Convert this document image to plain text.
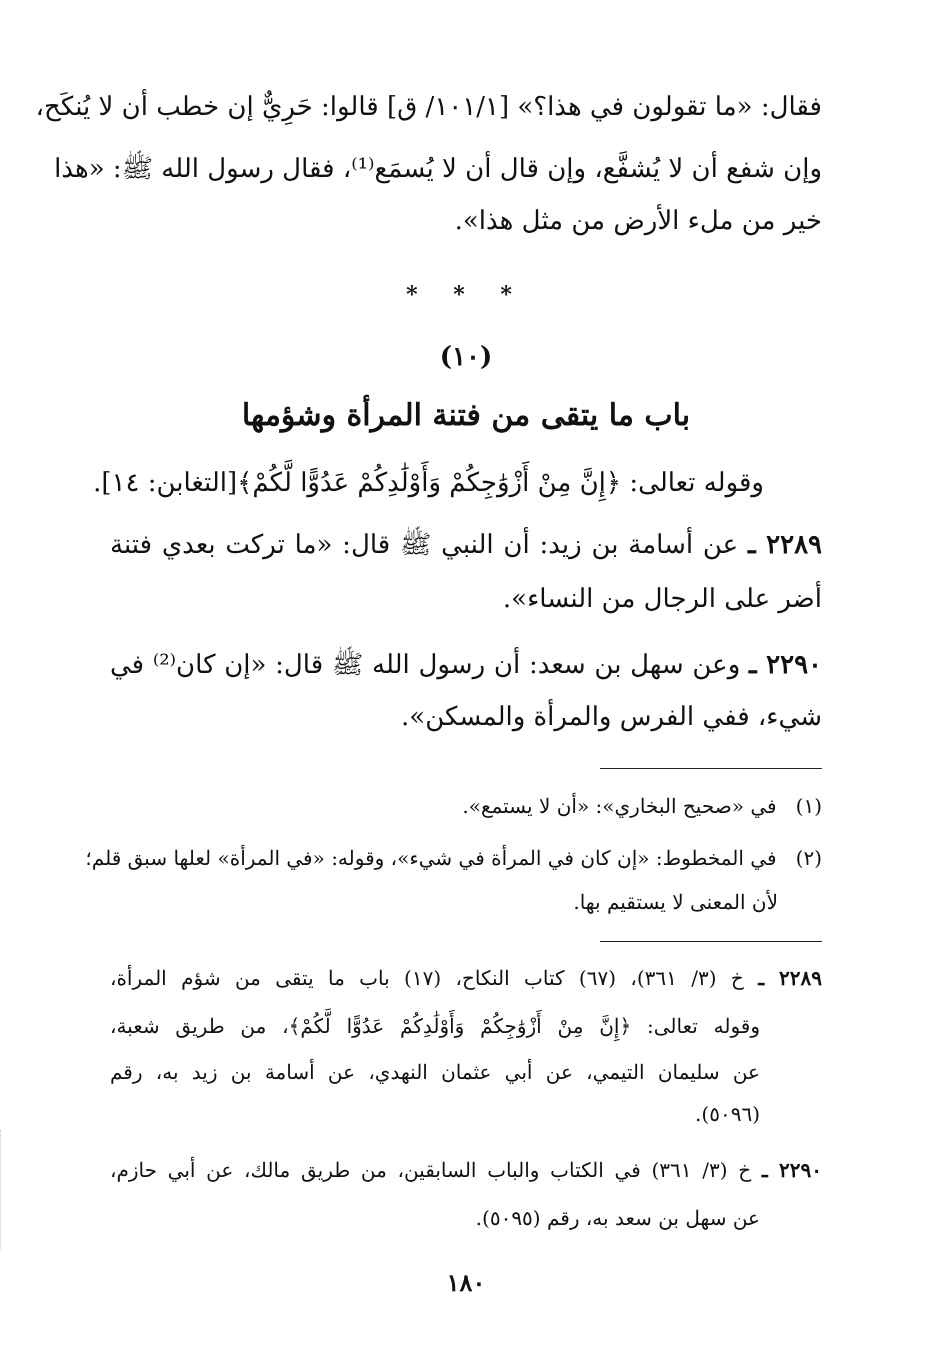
فقال: «ما تقولون في هذا؟» [١٠١/١/ ق] قالوا: حَرِيٌّ إن خطب أن لا يُنكَح،
وإن شفع أن لا يُشفَّع، وإن قال أن لا يُسمَع⁽¹⁾، فقال رسول الله ﷺ: «هذا
خير من ملء الأرض من مثل هذا».
* * *
(١٠)
باب ما يتقى من فتنة المرأة وشؤمها
وقوله تعالى: ﴿إِنَّ مِنْ أَزْوَٰجِكُمْ وَأَوْلَٰدِكُمْ عَدُوًّا لَّكُمْ﴾[التغابن: ١٤].
٢٢٨٩ ـ عن أسامة بن زيد: أن النبي ﷺ قال: «ما تركت بعدي فتنة
أضر على الرجال من النساء».
٢٢٩٠ ـ وعن سهل بن سعد: أن رسول الله ﷺ قال: «إن كان⁽²⁾ في
شيء، ففي الفرس والمرأة والمسكن».
(١)   في «صحيح البخاري»: «أن لا يستمع».
(٢)   في المخطوط: «إن كان في المرأة في شيء»، وقوله: «في المرأة» لعلها سبق قلم؛
لأن المعنى لا يستقيم بها.
٢٢٨٩ ـ خ (٣/ ٣٦١)، (٦٧) كتاب النكاح، (١٧) باب ما يتقى من شؤم المرأة،
وقوله تعالى: ﴿إِنَّ مِنْ أَزْوَٰجِكُمْ وَأَوْلَٰدِكُمْ عَدُوًّا لَّكُمْ﴾، من طريق شعبة،
عن سليمان التيمي، عن أبي عثمان النهدي، عن أسامة بن زيد به، رقم
(٥٠٩٦).
٢٢٩٠ ـ خ (٣/ ٣٦١) في الكتاب والباب السابقين، من طريق مالك، عن أبي حازم،
عن سهل بن سعد به، رقم (٥٠٩٥).
١٨٠
